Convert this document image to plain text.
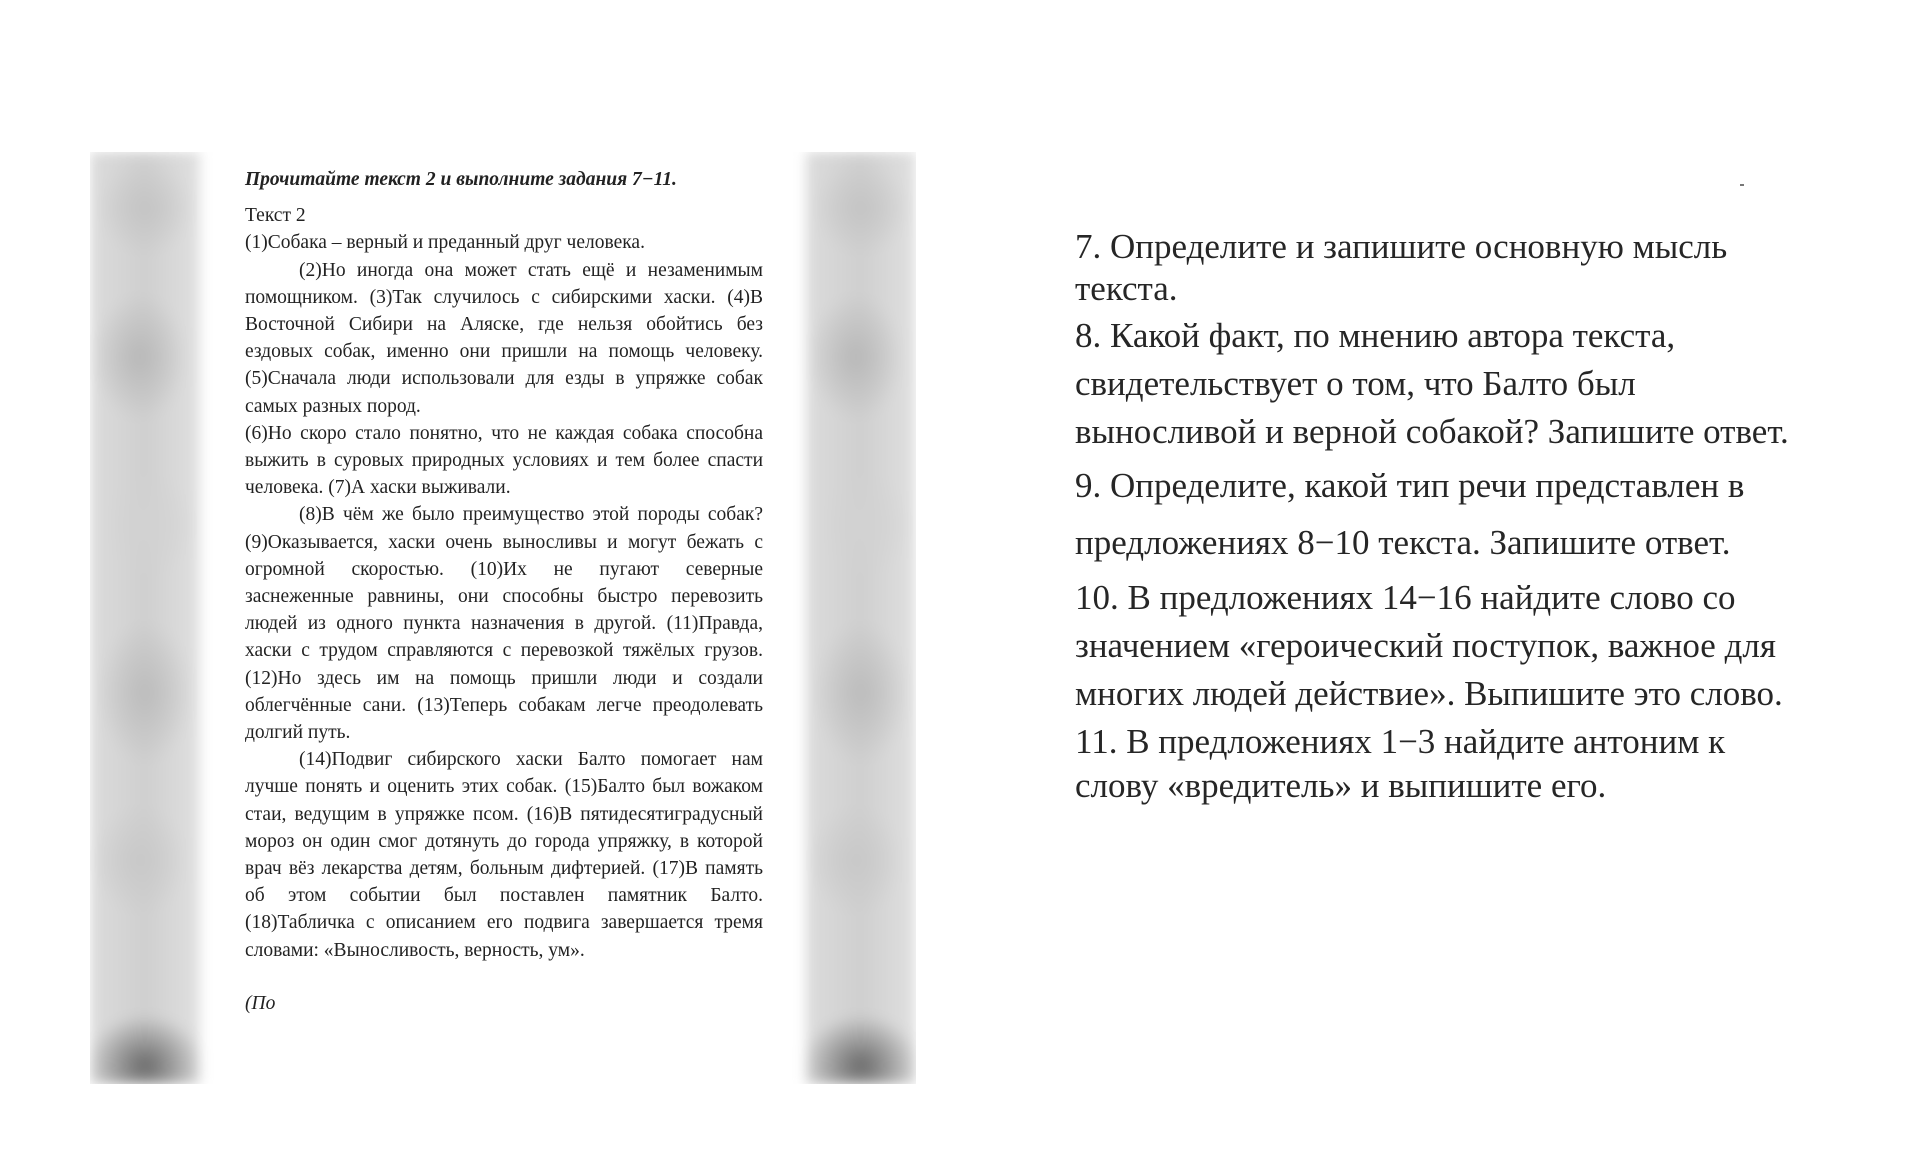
Прочитайте текст 2 и выполните задания 7−11.
Текст 2

(1)Собака – верный и преданный друг человека.

(2)Но иногда она может стать ещё и незаменимым помощником. (3)Так случилось с сибирскими хаски. (4)В Восточной Сибири на Аляске, где нельзя обойтись без ездовых собак, именно они пришли на помощь человеку. (5)Сначала люди использовали для езды в упряжке собак самых разных пород.

(6)Но скоро стало понятно, что не каждая собака способна выжить в суровых природных условиях и тем более спасти человека. (7)А хаски выживали.

(8)В чём же было преимущество этой породы собак? (9)Оказывается, хаски очень выносливы и могут бежать с огромной скоростью. (10)Их не пугают северные заснеженные равнины, они способны быстро перевозить людей из одного пункта назначения в другой. (11)Правда, хаски с трудом справляются с перевозкой тяжёлых грузов. (12)Но здесь им на помощь пришли люди и создали облегчённые сани. (13)Теперь собакам легче преодолевать долгий путь.

(14)Подвиг сибирского хаски Балто помогает нам лучше понять и оценить этих собак. (15)Балто был вожаком стаи, ведущим в упряжке псом. (16)В пятидесятиградусный мороз он один смог дотянуть до города упряжку, в которой врач вёз лекарства детям, больным дифтерией. (17)В память об этом событии был поставлен памятник Балто. (18)Табличка с описанием его подвига завершается тремя словами: «Выносливость, верность, ум».

(По

7. Определите и запишите основную мысль текста.

8. Какой факт, по мнению автора текста, свидетельствует о том, что Балто был выносливой и верной собакой? Запишите ответ.

9. Определите, какой тип речи представлен в предложениях 8−10 текста. Запишите ответ.

10. В предложениях 14−16 найдите слово со значением «героический поступок, важное для многих людей действие». Выпишите это слово.

11. В предложениях 1−3 найдите антоним к слову «вредитель» и выпишите его.
